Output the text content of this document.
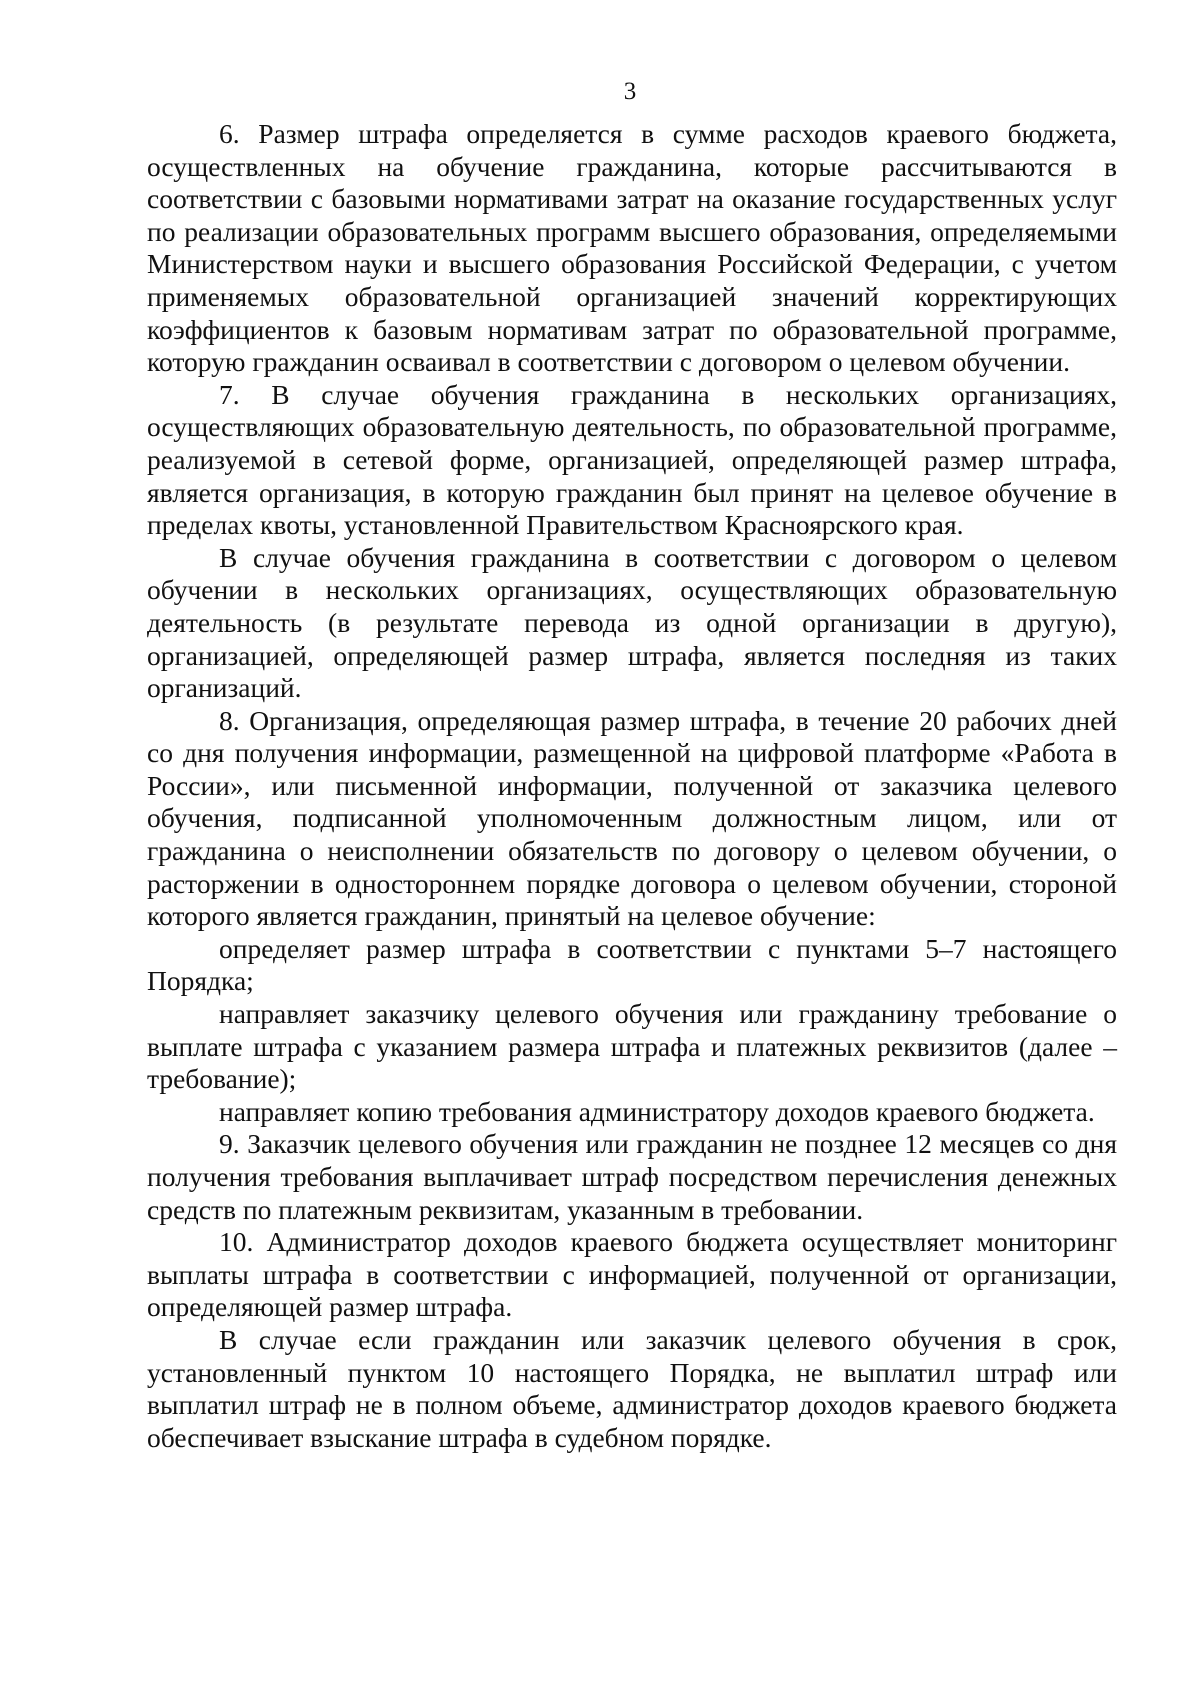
3

6. Размер штрафа определяется в сумме расходов краевого бюджета, осуществленных на обучение гражданина, которые рассчитываются в соответствии с базовыми нормативами затрат на оказание государственных услуг по реализации образовательных программ высшего образования, определяемыми Министерством науки и высшего образования Российской Федерации, с учетом применяемых образовательной организацией значений корректирующих коэффициентов к базовым нормативам затрат по образовательной программе, которую гражданин осваивал в соответствии с договором о целевом обучении.

7. В случае обучения гражданина в нескольких организациях, осуществляющих образовательную деятельность, по образовательной программе, реализуемой в сетевой форме, организацией, определяющей размер штрафа, является организация, в которую гражданин был принят на целевое обучение в пределах квоты, установленной Правительством Красноярского края.

В случае обучения гражданина в соответствии с договором о целевом обучении в нескольких организациях, осуществляющих образовательную деятельность (в результате перевода из одной организации в другую), организацией, определяющей размер штрафа, является последняя из таких организаций.

8. Организация, определяющая размер штрафа, в течение 20 рабочих дней со дня получения информации, размещенной на цифровой платформе «Работа в России», или письменной информации, полученной от заказчика целевого обучения, подписанной уполномоченным должностным лицом, или от гражданина о неисполнении обязательств по договору о целевом обучении, о расторжении в одностороннем порядке договора о целевом обучении, стороной которого является гражданин, принятый на целевое обучение:

определяет размер штрафа в соответствии с пунктами 5–7 настоящего Порядка;

направляет заказчику целевого обучения или гражданину требование о выплате штрафа с указанием размера штрафа и платежных реквизитов (далее – требование);

направляет копию требования администратору доходов краевого бюджета.

9. Заказчик целевого обучения или гражданин не позднее 12 месяцев со дня получения требования выплачивает штраф посредством перечисления денежных средств по платежным реквизитам, указанным в требовании.

10. Администратор доходов краевого бюджета осуществляет мониторинг выплаты штрафа в соответствии с информацией, полученной от организации, определяющей размер штрафа.

В случае если гражданин или заказчик целевого обучения в срок, установленный пунктом 10 настоящего Порядка, не выплатил штраф или выплатил штраф не в полном объеме, администратор доходов краевого бюджета обеспечивает взыскание штрафа в судебном порядке.
